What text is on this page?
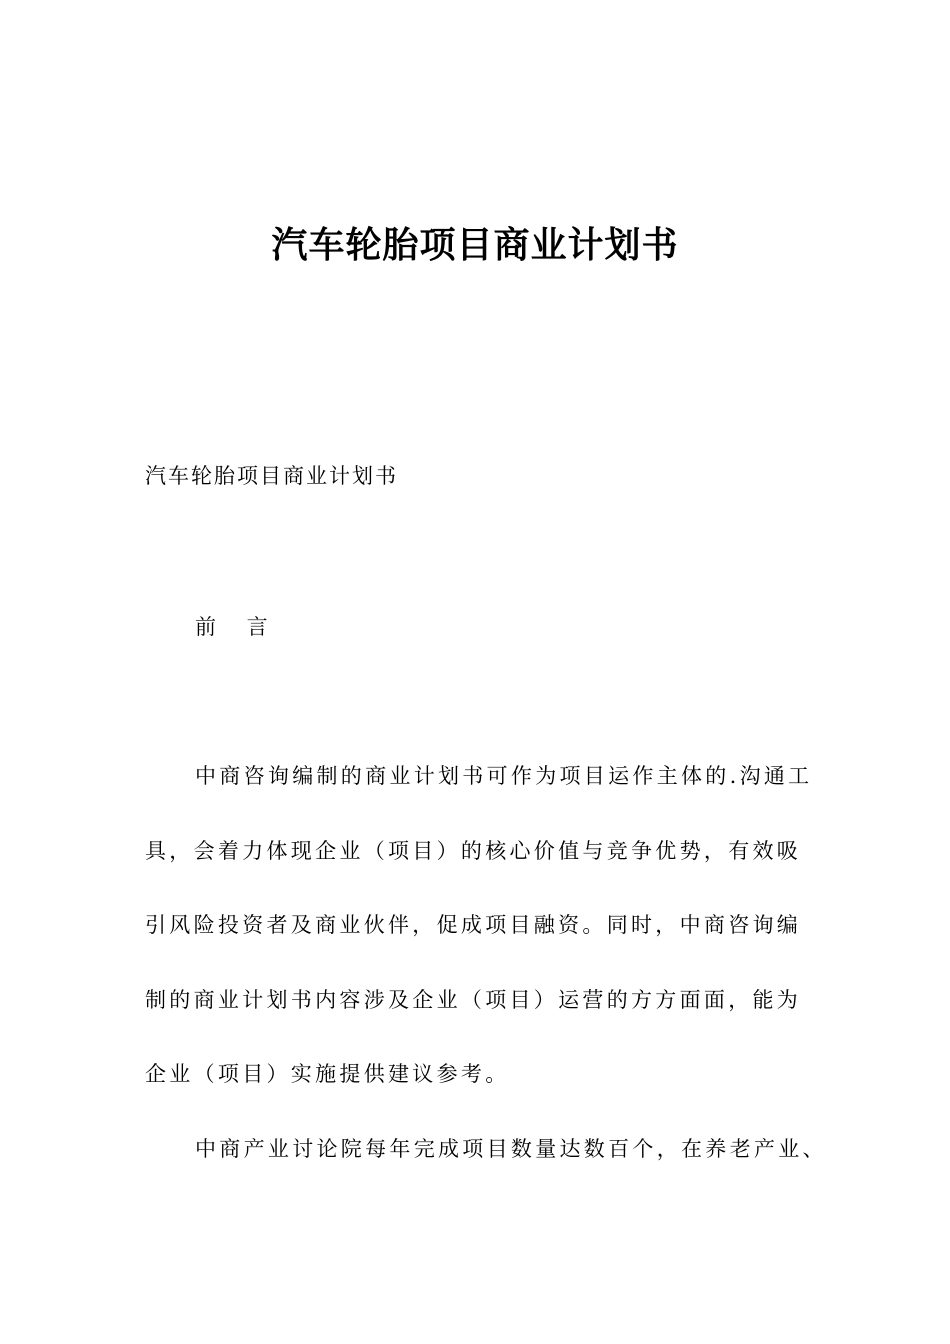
汽车轮胎项目商业计划书
汽车轮胎项目商业计划书
前 言
中商咨询编制的商业计划书可作为项目运作主体的.沟通工
具，会着力体现企业（项目）的核心价值与竞争优势，有效吸
引风险投资者及商业伙伴，促成项目融资。同时，中商咨询编
制的商业计划书内容涉及企业（项目）运营的方方面面，能为
企业（项目）实施提供建议参考。
中商产业讨论院每年完成项目数量达数百个，在养老产业、
